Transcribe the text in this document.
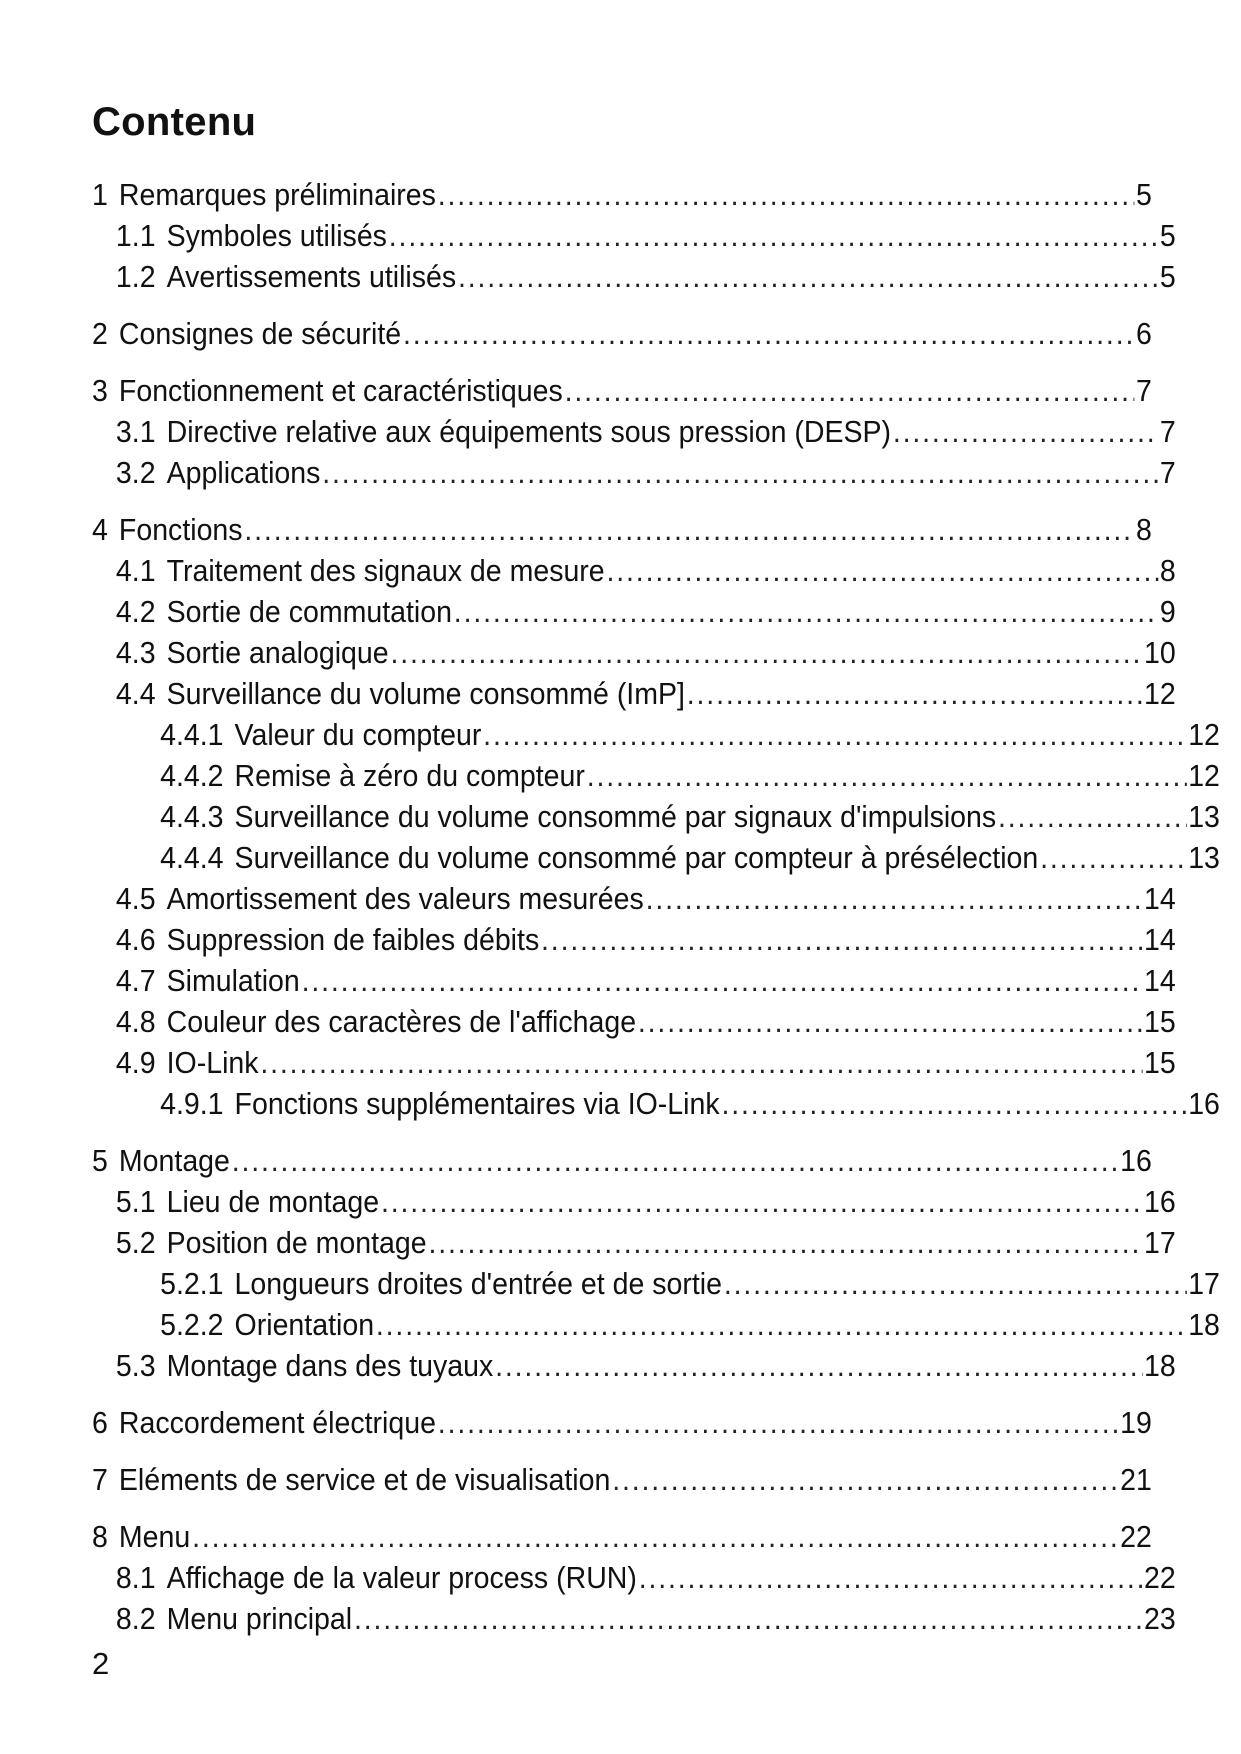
Contenu
1 Remarques préliminaires .....	5
1.1 Symboles utilisés .....	5
1.2 Avertissements utilisés .....	5
2 Consignes de sécurité .....	6
3 Fonctionnement et caractéristiques .....	7
3.1 Directive relative aux équipements sous pression (DESP) .....	7
3.2 Applications .....	7
4 Fonctions .....	8
4.1 Traitement des signaux de mesure .....	8
4.2 Sortie de commutation .....	9
4.3 Sortie analogique .....	10
4.4 Surveillance du volume consommé (ImP] .....	12
4.4.1 Valeur du compteur .....	12
4.4.2 Remise à zéro du compteur .....	12
4.4.3 Surveillance du volume consommé par signaux d'impulsions .....	13
4.4.4 Surveillance du volume consommé par compteur à présélection .....	13
4.5 Amortissement des valeurs mesurées .....	14
4.6 Suppression de faibles débits .....	14
4.7 Simulation .....	14
4.8 Couleur des caractères de l'affichage .....	15
4.9 IO-Link .....	15
4.9.1 Fonctions supplémentaires via IO-Link .....	16
5 Montage .....	16
5.1 Lieu de montage .....	16
5.2 Position de montage .....	17
5.2.1 Longueurs droites d'entrée et de sortie .....	17
5.2.2 Orientation .....	18
5.3 Montage dans des tuyaux .....	18
6 Raccordement électrique .....	19
7 Eléments de service et de visualisation .....	21
8 Menu .....	22
8.1 Affichage de la valeur process (RUN) .....	22
8.2 Menu principal .....	23
2
